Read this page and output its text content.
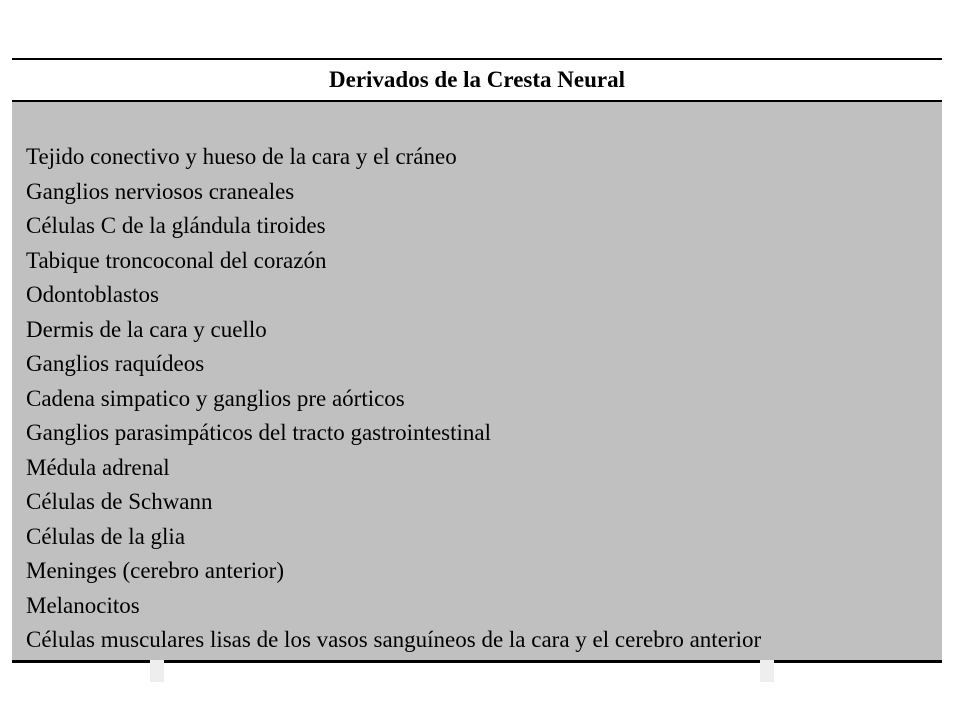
Derivados de la Cresta Neural
Tejido conectivo y hueso de la cara y el cráneo
Ganglios nerviosos craneales
Células C de la glándula tiroides
Tabique troncoconal del corazón
Odontoblastos
Dermis de la cara y cuello
Ganglios raquídeos
Cadena simpatico y ganglios pre aórticos
Ganglios parasimpáticos del tracto gastrointestinal
Médula adrenal
Células de Schwann
Células de la glia
Meninges (cerebro anterior)
Melanocitos
Células musculares lisas de los vasos sanguíneos de la cara y el cerebro anterior
